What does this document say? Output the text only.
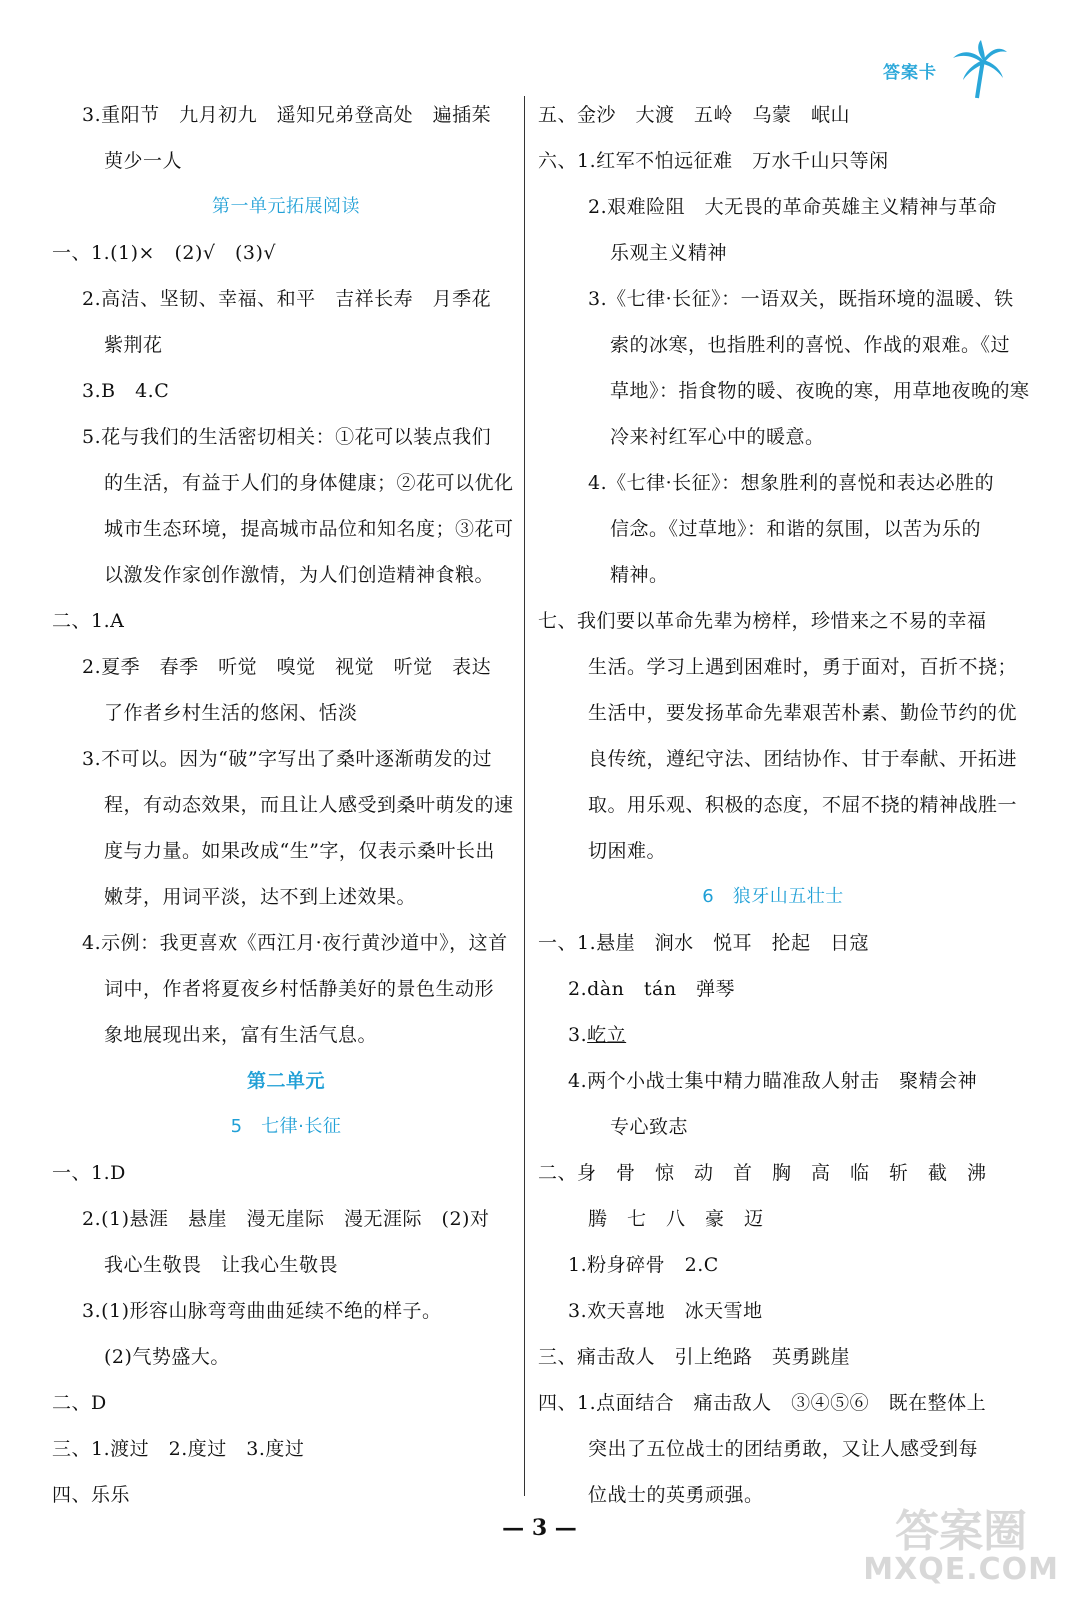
答案卡
3.重阳节　九月初九　遥知兄弟登高处　遍插茱
萸少一人
第一单元拓展阅读
一、1.(1)×　(2)√　(3)√
2.高洁、坚韧、幸福、和平　吉祥长寿　月季花
紫荆花
3.B　4.C
5.花与我们的生活密切相关：①花可以装点我们
的生活，有益于人们的身体健康；②花可以优化
城市生态环境，提高城市品位和知名度；③花可
以激发作家创作激情，为人们创造精神食粮。
二、1.A
2.夏季　春季　听觉　嗅觉　视觉　听觉　表达
了作者乡村生活的悠闲、恬淡
3.不可以。因为“破”字写出了桑叶逐渐萌发的过
程，有动态效果，而且让人感受到桑叶萌发的速
度与力量。如果改成“生”字，仅表示桑叶长出
嫩芽，用词平淡，达不到上述效果。
4.示例：我更喜欢《西江月·夜行黄沙道中》，这首
词中，作者将夏夜乡村恬静美好的景色生动形
象地展现出来，富有生活气息。
第二单元
5　七律·长征
一、1.D
2.(1)悬涯　悬崖　漫无崖际　漫无涯际　(2)对
我心生敬畏　让我心生敬畏
3.(1)形容山脉弯弯曲曲延续不绝的样子。
(2)气势盛大。
二、D
三、1.渡过　2.度过　3.度过
四、乐乐
五、金沙　大渡　五岭　乌蒙　岷山
六、1.红军不怕远征难　万水千山只等闲
2.艰难险阻　大无畏的革命英雄主义精神与革命
乐观主义精神
3.《七律·长征》：一语双关，既指环境的温暖、铁
索的冰寒，也指胜利的喜悦、作战的艰难。《过
草地》：指食物的暖、夜晚的寒，用草地夜晚的寒
冷来衬红军心中的暖意。
4.《七律·长征》：想象胜利的喜悦和表达必胜的
信念。《过草地》：和谐的氛围，以苦为乐的
精神。
七、我们要以革命先辈为榜样，珍惜来之不易的幸福
生活。学习上遇到困难时，勇于面对，百折不挠；
生活中，要发扬革命先辈艰苦朴素、勤俭节约的优
良传统，遵纪守法、团结协作、甘于奉献、开拓进
取。用乐观、积极的态度，不屈不挠的精神战胜一
切困难。
6　狼牙山五壮士
一、1.悬崖　涧水　悦耳　抡起　日寇
2.dàn　tán　弹琴
3.屹立
4.两个小战士集中精力瞄准敌人射击　聚精会神
专心致志
二、身　骨　惊　动　首　胸　高　临　斩　截　沸
腾　七　八　豪　迈
1.粉身碎骨　2.C
3.欢天喜地　冰天雪地
三、痛击敌人　引上绝路　英勇跳崖
四、1.点面结合　痛击敌人　③④⑤⑥　既在整体上
突出了五位战士的团结勇敢，又让人感受到每
位战士的英勇顽强。
— 3 —	答案圈
MXQE.COM
